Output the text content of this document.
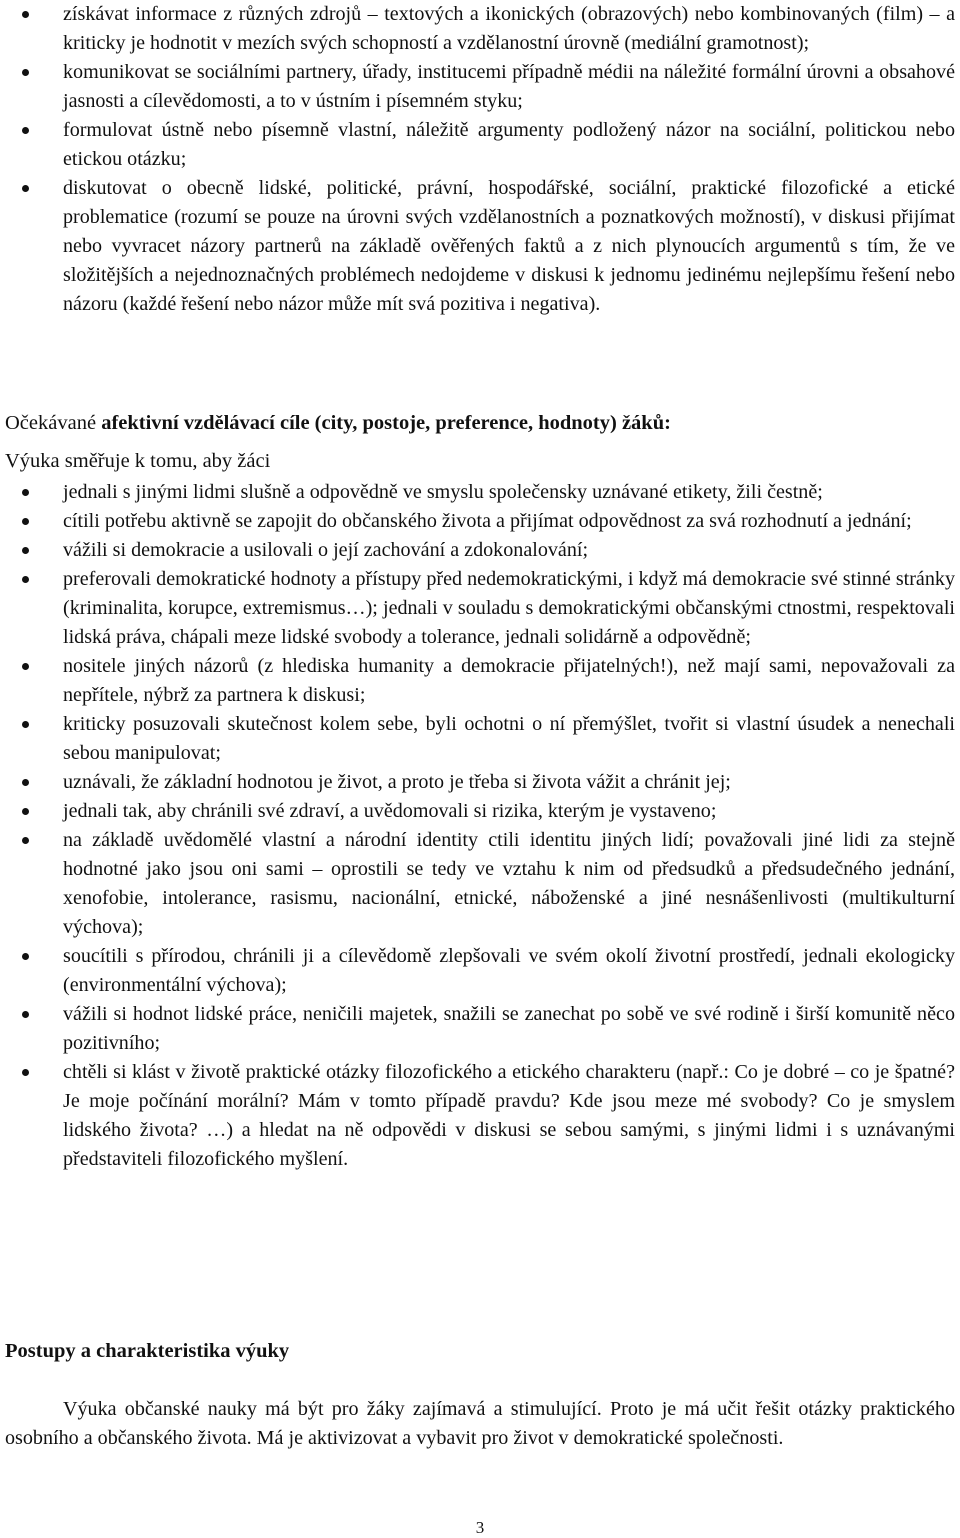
získávat informace z různých zdrojů – textových a ikonických (obrazových) nebo kombinovaných (film) – a kriticky je hodnotit v mezích svých schopností a vzdělanostní úrovně (mediální gramotnost);
komunikovat se sociálními partnery, úřady, institucemi případně médii na náležité formální úrovni a obsahové jasnosti a cílevědomosti, a to v ústním i písemném styku;
formulovat ústně nebo písemně vlastní, náležitě argumenty podložený názor na sociální, politickou nebo etickou otázku;
diskutovat o obecně lidské, politické, právní, hospodářské, sociální, praktické filozofické a etické problematice (rozumí se pouze na úrovni svých vzdělanostních a poznatkových možností), v diskusi přijímat nebo vyvracet názory partnerů na základě ověřených faktů a z nich plynoucích argumentů s tím, že ve složitějších a nejednoznačných problémech nedojdeme v diskusi k jednomu jedinému nejlepšímu řešení nebo názoru (každé řešení nebo názor může mít svá pozitiva i negativa).
Očekávané afektivní vzdělávací cíle (city, postoje, preference, hodnoty) žáků:
Výuka směřuje k tomu, aby žáci
jednali s jinými lidmi slušně a odpovědně ve smyslu společensky uznávané etikety, žili čestně;
cítili potřebu aktivně se zapojit do občanského života a přijímat odpovědnost za svá rozhodnutí a jednání;
vážili si demokracie a usilovali o její zachování a zdokonalování;
preferovali demokratické hodnoty a přístupy před nedemokratickými, i když má demokracie své stinné stránky (kriminalita, korupce, extremismus…); jednali v souladu s demokratickými občanskými ctnostmi, respektovali lidská práva, chápali meze lidské svobody a tolerance, jednali solidárně a odpovědně;
nositele jiných názorů (z hlediska humanity a demokracie přijatelných!), než mají sami, nepovažovali za nepřítele, nýbrž za partnera k diskusi;
kriticky posuzovali skutečnost kolem sebe, byli ochotni o ní přemýšlet, tvořit si vlastní úsudek a nenechali sebou manipulovat;
uznávali, že základní hodnotou je život, a proto je třeba si života vážit a chránit jej;
jednali tak, aby chránili své zdraví, a uvědomovali si rizika, kterým je vystaveno;
na základě uvědomělé vlastní a národní identity ctili identitu jiných lidí; považovali jiné lidi za stejně hodnotné jako jsou oni sami – oprostili se tedy ve vztahu k nim od předsudků a předsudečného jednání, xenofobie, intolerance, rasismu, nacionální, etnické, náboženské a jiné nesnášenlivosti (multikulturní výchova);
soucítili s přírodou, chránili ji a cílevědomě zlepšovali ve svém okolí životní prostředí, jednali ekologicky (environmentální výchova);
vážili si hodnot lidské práce, neničili majetek, snažili se zanechat po sobě ve své rodině i širší komunitě něco pozitivního;
chtěli si klást v životě praktické otázky filozofického a etického charakteru (např.: Co je dobré – co je špatné? Je moje počínání morální? Mám v tomto případě pravdu? Kde jsou meze mé svobody? Co je smyslem lidského života? …) a hledat na ně odpovědi v diskusi se sebou samými, s jinými lidmi i s uznávanými představiteli filozofického myšlení.
Postupy a charakteristika výuky

Výuka občanské nauky má být pro žáky zajímavá a stimulující. Proto je má učit řešit otázky praktického osobního a občanského života. Má je aktivizovat a vybavit pro život v demokratické společnosti.

3
